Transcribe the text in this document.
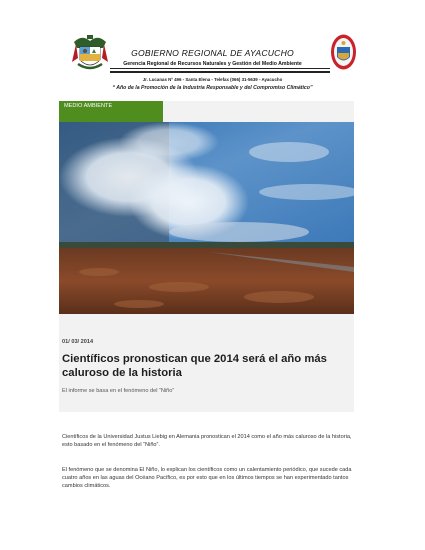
GOBIERNO REGIONAL DE AYACUCHO
Gerencia Regional de Recursos Naturales y Gestión del Medio Ambiente
Jr. Lucanas Nº 496 - Santa Elena - Telefax (066) 31-5639 - Ayacucho
“ Año de la Promoción de la Industria Responsable y del Compromiso Climático”
MEDIO AMBIENTE
01/ 03/ 2014
Científicos pronostican que 2014 será el año más caluroso de la historia
El informe se basa en el fenómeno del “Niño”
Científicos de la Universidad Justus Liebig en Alemania pronostican el 2014 como el año más caluroso de la historia, esto basado en el fenómeno del “Niño”.
El fenómeno que se denomina El Niño, lo explican los científicos como un calentamiento periódico, que sucede cada cuatro años en las aguas del Océano Pacífico, es por esto que en los últimos tiempos se han experimentado tantos cambios climáticos.
